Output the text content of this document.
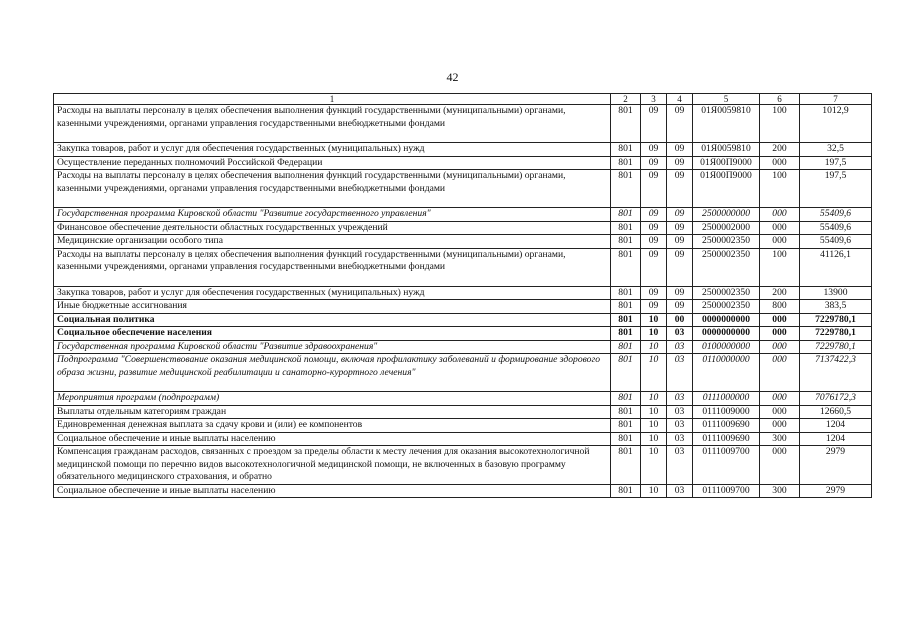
42
1	2	3	4	5	6	7
Расходы на выплаты персоналу в целях обеспечения выполнения функций государственными (муниципальными) органами, казенными учреждениями, органами управления государственными внебюджетными фондами	801	09	09	01Я0059810	100	1012,9
Закупка товаров, работ и услуг для обеспечения государственных (муниципальных) нужд	801	09	09	01Я0059810	200	32,5
Осуществление переданных полномочий Российской Федерации	801	09	09	01Я00П9000	000	197,5
Расходы на выплаты персоналу в целях обеспечения выполнения функций государственными (муниципальными) органами, казенными учреждениями, органами управления государственными внебюджетными фондами	801	09	09	01Я00П9000	100	197,5
Государственная программа Кировской области "Развитие государственного управления"	801	09	09	2500000000	000	55409,6
Финансовое обеспечение деятельности областных государственных учреждений	801	09	09	2500002000	000	55409,6
Медицинские организации особого типа	801	09	09	2500002350	000	55409,6
Расходы на выплаты персоналу в целях обеспечения выполнения функций государственными (муниципальными) органами, казенными учреждениями, органами управления государственными внебюджетными фондами	801	09	09	2500002350	100	41126,1
Закупка товаров, работ и услуг для обеспечения государственных (муниципальных) нужд	801	09	09	2500002350	200	13900
Иные бюджетные ассигнования	801	09	09	2500002350	800	383,5
Социальная политика	801	10	00	0000000000	000	7229780,1
Социальное обеспечение населения	801	10	03	0000000000	000	7229780,1
Государственная программа Кировской области "Развитие здравоохранения"	801	10	03	0100000000	000	7229780,1
Подпрограмма "Совершенствование оказания медицинской помощи, включая профилактику заболеваний и формирование здорового образа жизни, развитие медицинской реабилитации и санаторно-курортного лечения"	801	10	03	0110000000	000	7137422,3
Мероприятия программ (подпрограмм)	801	10	03	0111000000	000	7076172,3
Выплаты отдельным категориям граждан	801	10	03	0111009000	000	12660,5
Единовременная денежная выплата за сдачу крови и (или) ее компонентов	801	10	03	0111009690	000	1204
Социальное обеспечение и иные выплаты населению	801	10	03	0111009690	300	1204
Компенсация гражданам расходов, связанных с проездом за пределы области к месту лечения для оказания высокотехнологичной медицинской помощи по перечню видов высокотехнологичной медицинской помощи, не включенных в базовую программу обязательного медицинского страхования, и обратно	801	10	03	0111009700	000	2979
Социальное обеспечение и иные выплаты населению	801	10	03	0111009700	300	2979
